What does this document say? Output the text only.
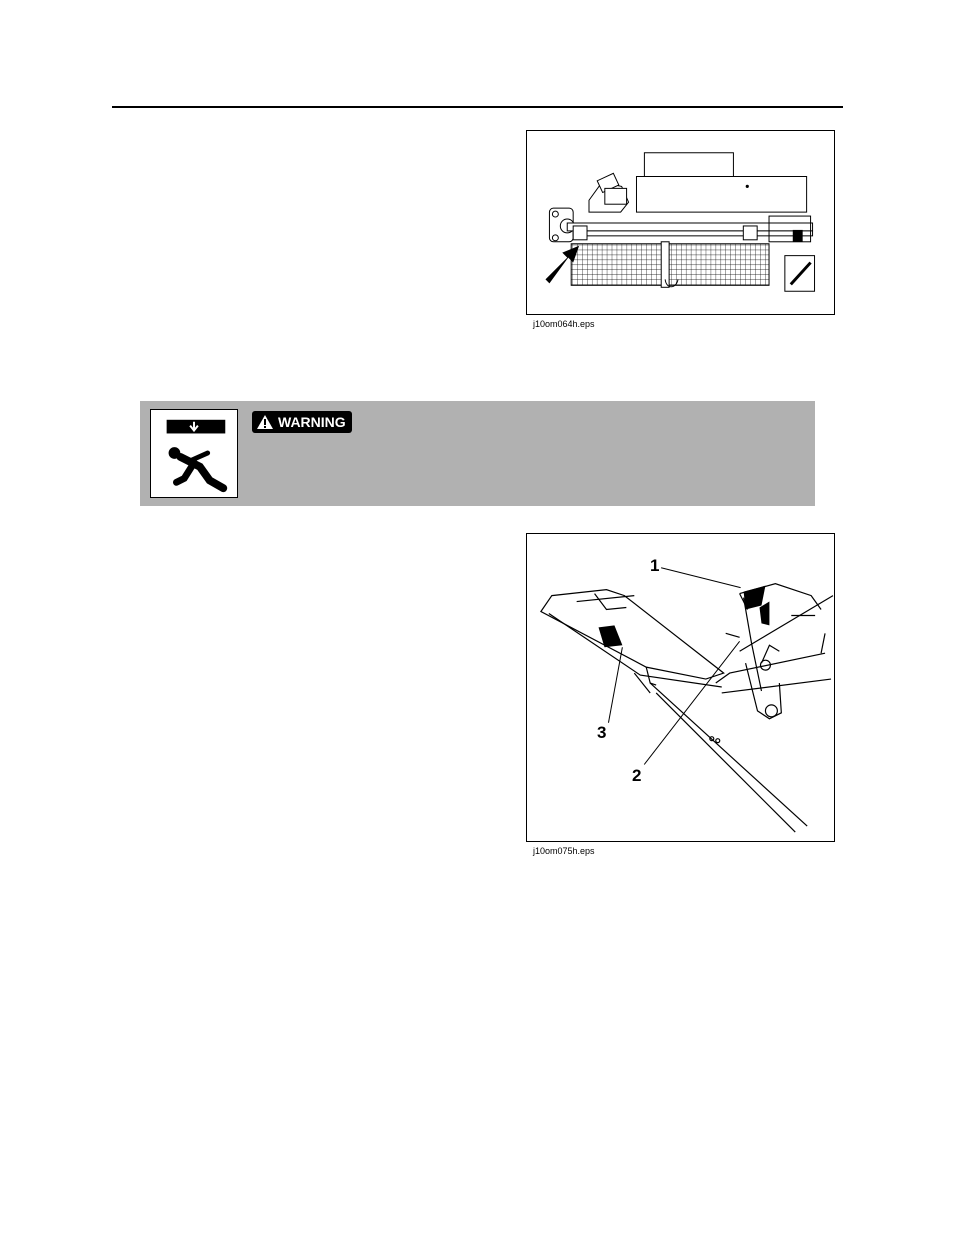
j10om064h.eps
WARNING
1
2
3
j10om075h.eps
